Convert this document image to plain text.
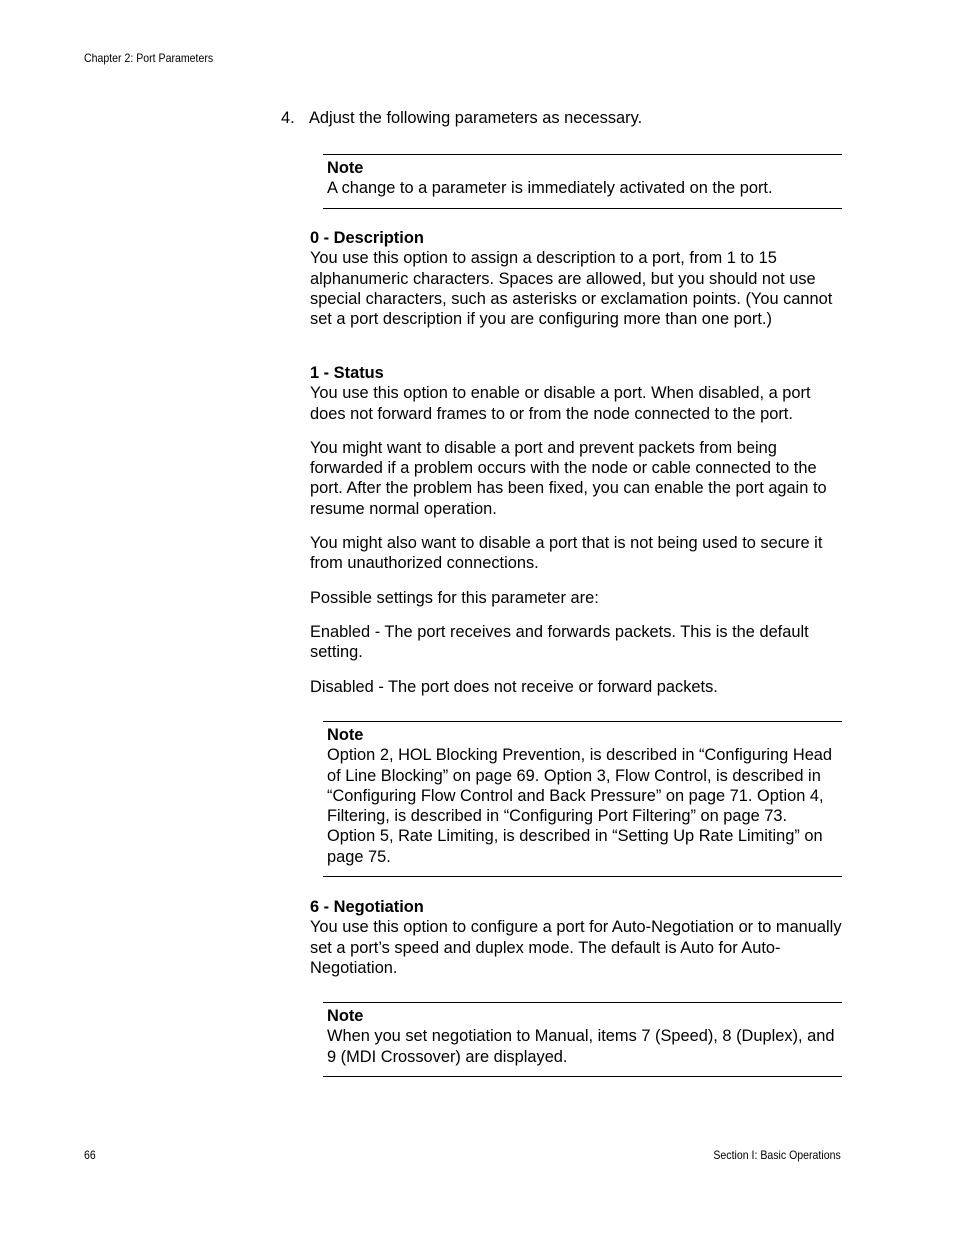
Chapter 2: Port Parameters
4. Adjust the following parameters as necessary.
Note

A change to a parameter is immediately activated on the port.

0 - Description

You use this option to assign a description to a port, from 1 to 15 alphanumeric characters. Spaces are allowed, but you should not use special characters, such as asterisks or exclamation points. (You cannot set a port description if you are configuring more than one port.)

1 - Status

You use this option to enable or disable a port. When disabled, a port does not forward frames to or from the node connected to the port.

You might want to disable a port and prevent packets from being forwarded if a problem occurs with the node or cable connected to the port. After the problem has been fixed, you can enable the port again to resume normal operation.

You might also want to disable a port that is not being used to secure it from unauthorized connections.

Possible settings for this parameter are:

Enabled - The port receives and forwards packets. This is the default setting.

Disabled - The port does not receive or forward packets.

Note

Option 2, HOL Blocking Prevention, is described in “Configuring Head of Line Blocking” on page 69. Option 3, Flow Control, is described in “Configuring Flow Control and Back Pressure” on page 71. Option 4, Filtering, is described in “Configuring Port Filtering” on page 73. Option 5, Rate Limiting, is described in “Setting Up Rate Limiting” on page 75.

6 - Negotiation

You use this option to configure a port for Auto-Negotiation or to manually set a port’s speed and duplex mode. The default is Auto for Auto-Negotiation.

Note

When you set negotiation to Manual, items 7 (Speed), 8 (Duplex), and 9 (MDI Crossover) are displayed.

66	Section I: Basic Operations
